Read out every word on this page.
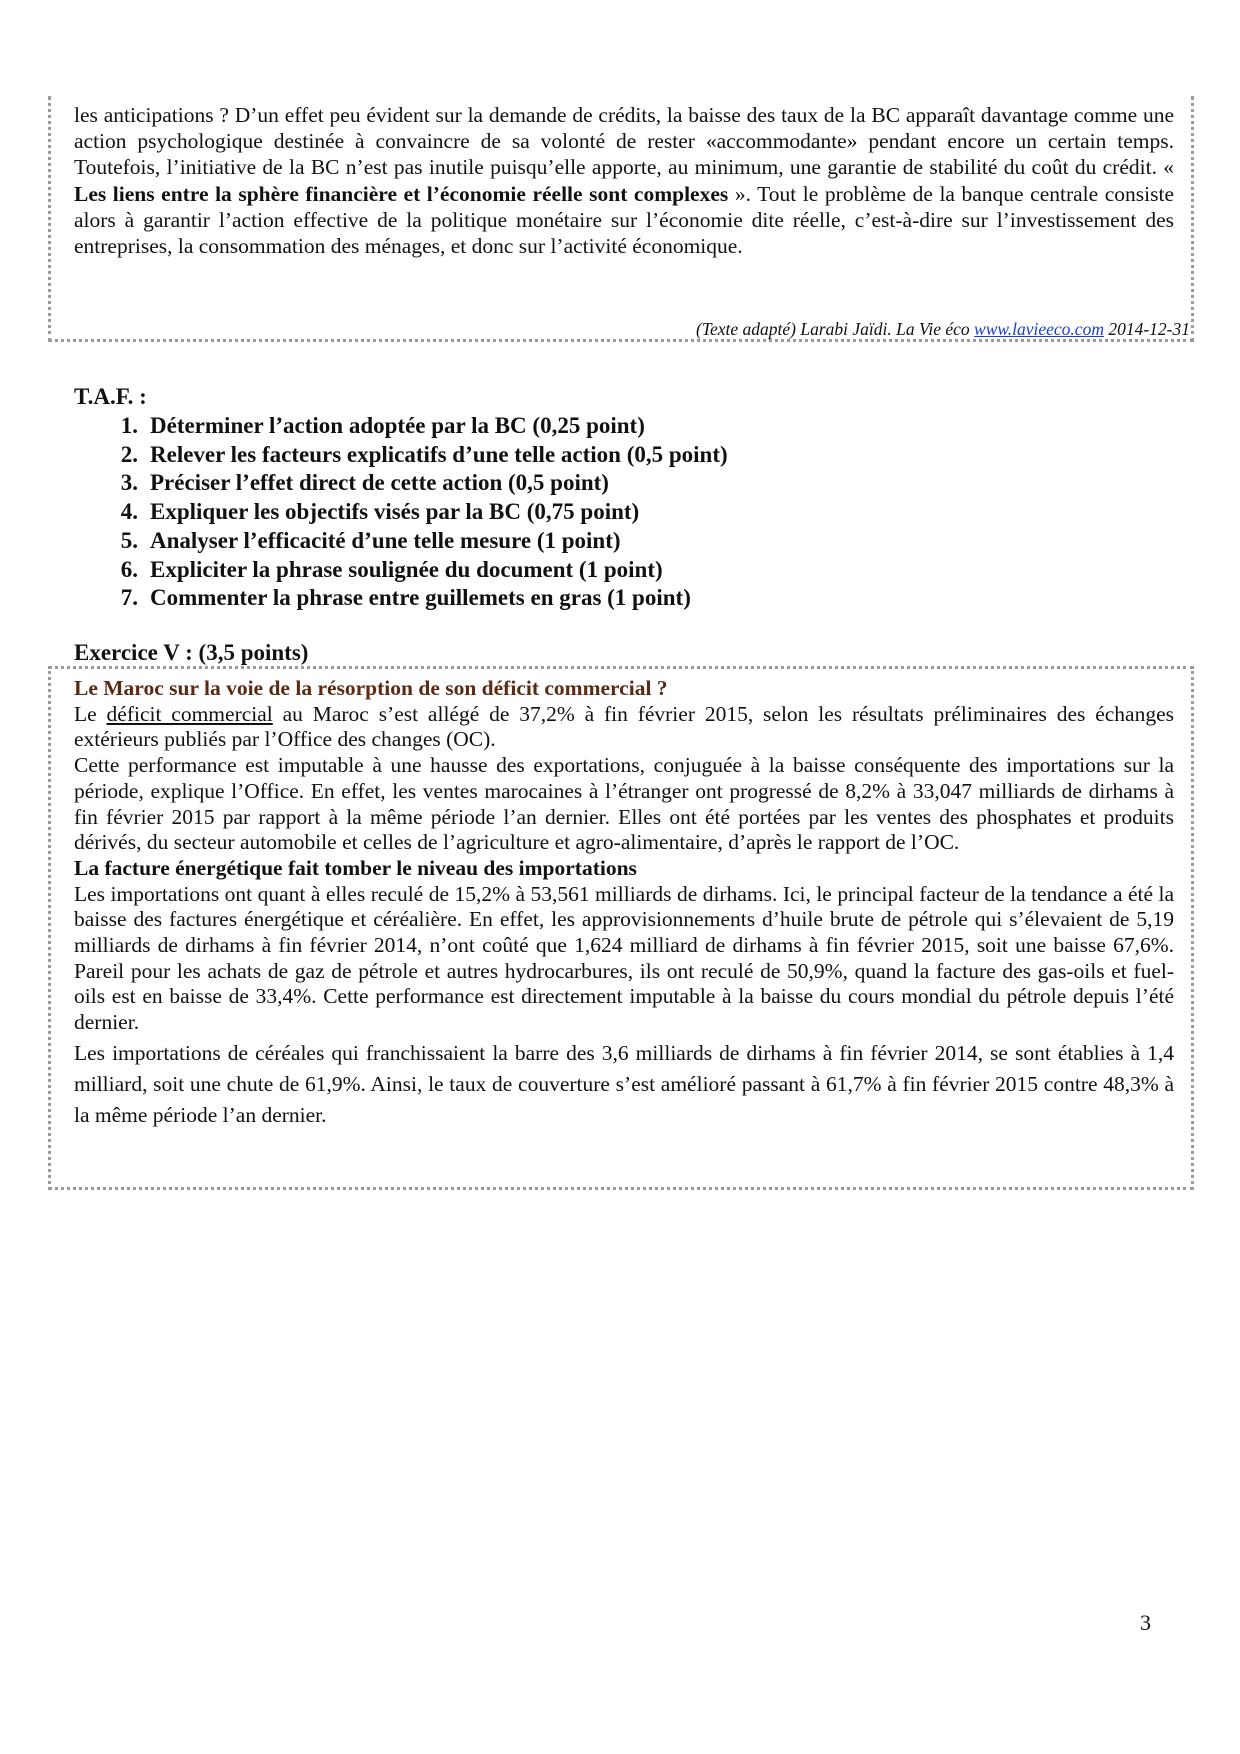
les anticipations ? D’un effet peu évident sur la demande de crédits, la baisse des taux de la BC apparaît davantage comme une action psychologique destinée à convaincre de sa volonté de rester «accommodante» pendant encore un certain temps. Toutefois, l’initiative de la BC n’est pas inutile puisqu’elle apporte, au minimum, une garantie de stabilité du coût du crédit. « Les liens entre la sphère financière et l’économie réelle sont complexes ». Tout le problème de la banque centrale consiste alors à garantir l’action effective de la politique monétaire sur l’économie dite réelle, c’est-à-dire sur l’investissement des entreprises, la consommation des ménages, et donc sur l’activité économique.
(Texte adapté) Larabi Jaïdi. La Vie éco www.lavieeco.com 2014-12-31
T.A.F. :
1. Déterminer l’action adoptée par la BC (0,25 point)
2. Relever les facteurs explicatifs d’une telle action (0,5 point)
3. Préciser l’effet direct de cette action (0,5 point)
4. Expliquer les objectifs visés par la BC (0,75 point)
5. Analyser l’efficacité d’une telle mesure (1 point)
6. Expliciter la phrase soulignée du document (1 point)
7. Commenter la phrase entre guillemets en gras (1 point)
Exercice V : (3,5 points)

Le Maroc sur la voie de la résorption de son déficit commercial ?

Le déficit commercial au Maroc s’est allégé de 37,2% à fin février 2015, selon les résultats préliminaires des échanges extérieurs publiés par l’Office des changes (OC).

Cette performance est imputable à une hausse des exportations, conjuguée à la baisse conséquente des importations sur la période, explique l’Office. En effet, les ventes marocaines à l’étranger ont progressé de 8,2% à 33,047 milliards de dirhams à fin février 2015 par rapport à la même période l’an dernier. Elles ont été portées par les ventes des phosphates et produits dérivés, du secteur automobile et celles de l’agriculture et agro-alimentaire, d’après le rapport de l’OC.

La facture énergétique fait tomber le niveau des importations

Les importations ont quant à elles reculé de 15,2% à 53,561 milliards de dirhams. Ici, le principal facteur de la tendance a été la baisse des factures énergétique et céréalière. En effet, les approvisionnements d’huile brute de pétrole qui s’élevaient de 5,19 milliards de dirhams à fin février 2014, n’ont coûté que 1,624 milliard de dirhams à fin février 2015, soit une baisse 67,6%. Pareil pour les achats de gaz de pétrole et autres hydrocarbures, ils ont reculé de 50,9%, quand la facture des gas-oils et fuel-oils est en baisse de 33,4%. Cette performance est directement imputable à la baisse du cours mondial du pétrole depuis l’été dernier.

Les importations de céréales qui franchissaient la barre des 3,6 milliards de dirhams à fin février 2014, se sont établies à 1,4 milliard, soit une chute de 61,9%. Ainsi, le taux de couverture s’est amélioré passant à 61,7% à fin février 2015 contre 48,3% à la même période l’an dernier.

3
